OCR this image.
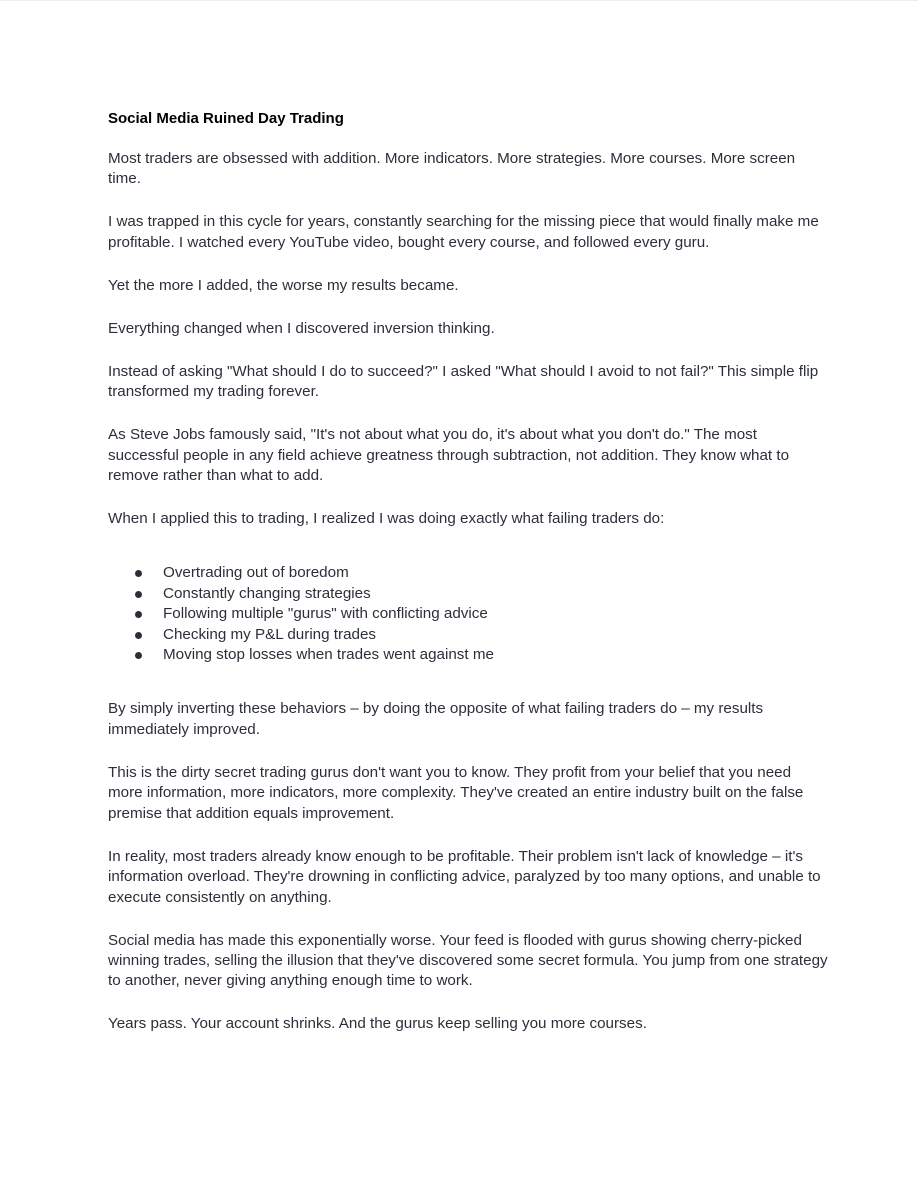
Social Media Ruined Day Trading

Most traders are obsessed with addition. More indicators. More strategies. More courses. More screen time.

I was trapped in this cycle for years, constantly searching for the missing piece that would finally make me profitable. I watched every YouTube video, bought every course, and followed every guru.

Yet the more I added, the worse my results became.

Everything changed when I discovered inversion thinking.

Instead of asking "What should I do to succeed?" I asked "What should I avoid to not fail?" This simple flip transformed my trading forever.

As Steve Jobs famously said, "It's not about what you do, it's about what you don't do." The most successful people in any field achieve greatness through subtraction, not addition. They know what to remove rather than what to add.

When I applied this to trading, I realized I was doing exactly what failing traders do:

Overtrading out of boredom
Constantly changing strategies
Following multiple "gurus" with conflicting advice
Checking my P&L during trades
Moving stop losses when trades went against me

By simply inverting these behaviors – by doing the opposite of what failing traders do – my results immediately improved.

This is the dirty secret trading gurus don't want you to know. They profit from your belief that you need more information, more indicators, more complexity. They've created an entire industry built on the false premise that addition equals improvement.

In reality, most traders already know enough to be profitable. Their problem isn't lack of knowledge – it's information overload. They're drowning in conflicting advice, paralyzed by too many options, and unable to execute consistently on anything.

Social media has made this exponentially worse. Your feed is flooded with gurus showing cherry-picked winning trades, selling the illusion that they've discovered some secret formula. You jump from one strategy to another, never giving anything enough time to work.

Years pass. Your account shrinks. And the gurus keep selling you more courses.
